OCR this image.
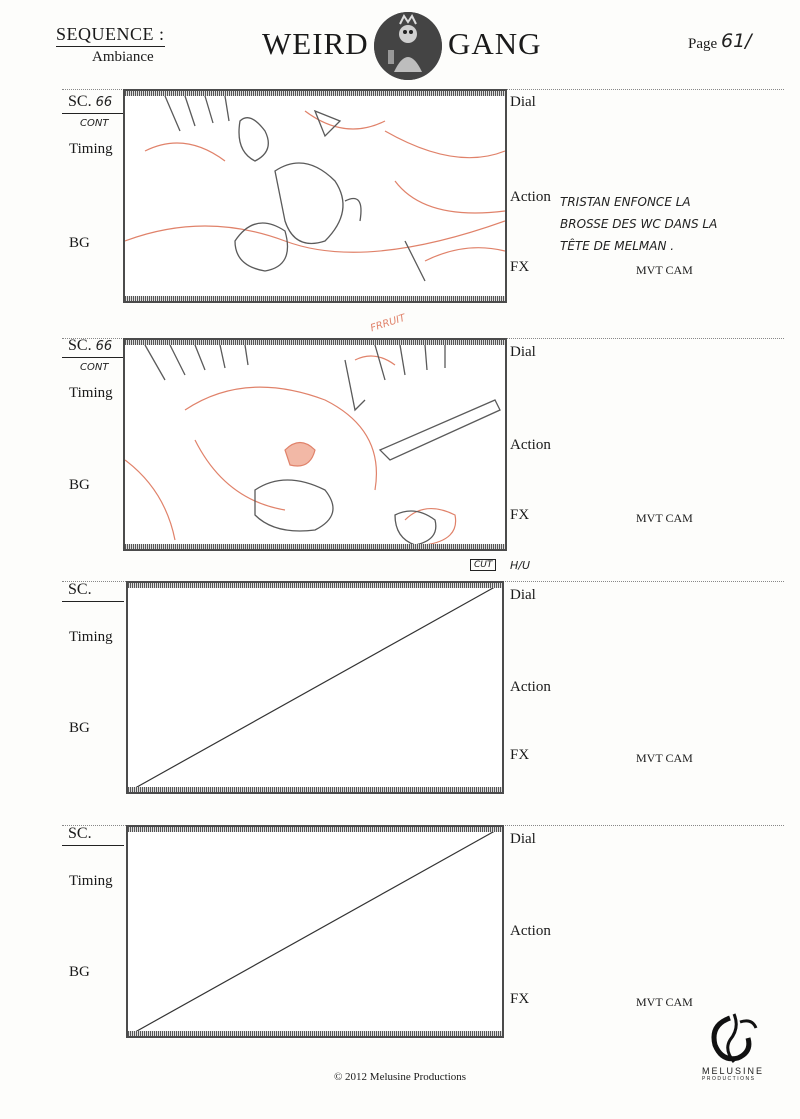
SEQUENCE :
Ambiance	WEIRD	GANG	Page 61/
SC. 66
CONT
Timing
BG
Dial
Action TRISTAN ENFONCE LA
BROSSE DES WC DANS LA
TÊTE DE MELMAN .
FX	MVT CAM
SC. 66
CONT
Timing
BG
FRRUIT
Dial
Action
FX	MVT CAM
CUT	H/U
SC.
Timing
BG
Dial
Action
FX	MVT CAM
SC.
Timing
BG
Dial
Action
FX	MVT CAM
© 2012 Melusine Productions	MELUSINE
PRODUCTIONS
